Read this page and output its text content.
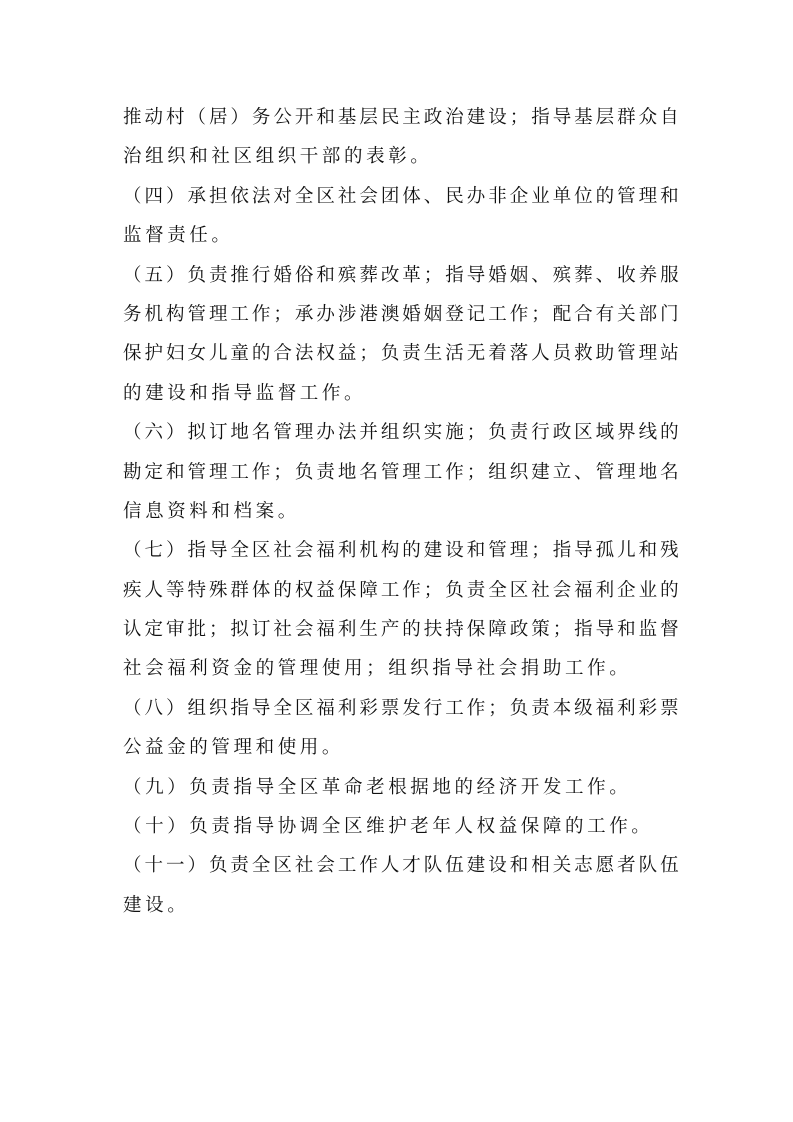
推 动 村 （ 居 ） 务 公 开 和 基 层 民 主 政 治 建 设 ； 指 导 基 层 群 众 自
治组织和社区组织干部的表彰。
（ 四 ） 承 担 依 法 对 全 区 社 会 团 体 、 民 办 非 企 业 单 位 的 管 理 和
监督责任。
（ 五 ） 负 责 推 行 婚 俗 和 殡 葬 改 革 ； 指 导 婚 姻 、 殡 葬 、 收 养 服
务 机 构 管 理 工 作 ； 承 办 涉 港 澳 婚 姻 登 记 工 作 ； 配 合 有 关 部 门
保 护 妇 女 儿 童 的 合 法 权 益 ； 负 责 生 活 无 着 落 人 员 救 助 管 理 站
的建设和指导监督工作。
（ 六 ） 拟 订 地 名 管 理 办 法 并 组 织 实 施 ； 负 责 行 政 区 域 界 线 的
勘 定 和 管 理 工 作 ； 负 责 地 名 管 理 工 作 ； 组 织 建 立 、 管 理 地 名
信息资料和档案。
（ 七 ） 指 导 全 区 社 会 福 利 机 构 的 建 设 和 管 理 ； 指 导 孤 儿 和 残
疾 人 等 特 殊 群 体 的 权 益 保 障 工 作 ； 负 责 全 区 社 会 福 利 企 业 的
认 定 审 批 ； 拟 订 社 会 福 利 生 产 的 扶 持 保 障 政 策 ； 指 导 和 监 督
社会福利资金的管理使用；组织指导社会捐助工作。
（ 八 ） 组 织 指 导 全 区 福 利 彩 票 发 行 工 作 ； 负 责 本 级 福 利 彩 票
公益金的管理和使用。
（九）负责指导全区革命老根据地的经济开发工作。
（十）负责指导协调全区维护老年人权益保障的工作。
（ 十 一 ） 负 责 全 区 社 会 工 作 人 才 队 伍 建 设 和 相 关 志 愿 者 队 伍
建设。
